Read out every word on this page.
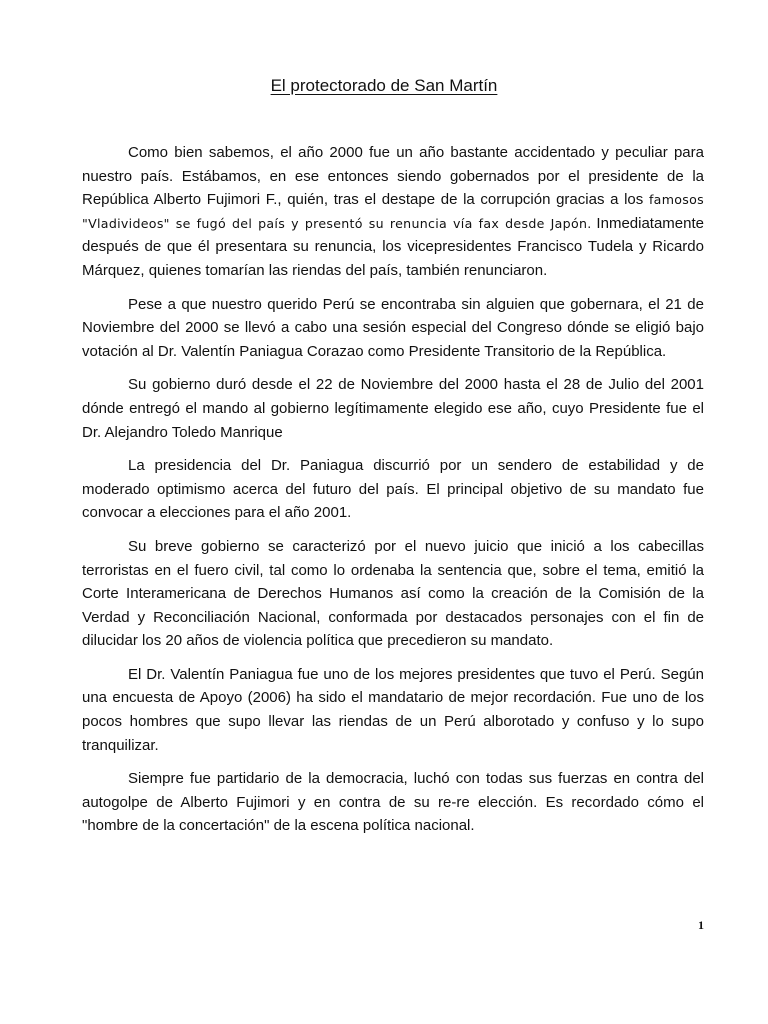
El protectorado de San Martín

Como bien sabemos, el año 2000 fue un año bastante accidentado y peculiar para nuestro país. Estábamos, en ese entonces siendo gobernados por el presidente de la República Alberto Fujimori F., quién, tras el destape de la corrupción gracias a los famosos "Vladivideos" se fugó del país y presentó su renuncia vía fax desde Japón. Inmediatamente después de que él presentara su renuncia, los vicepresidentes Francisco Tudela y Ricardo Márquez, quienes tomarían las riendas del país, también renunciaron.

Pese a que nuestro querido Perú se encontraba sin alguien que gobernara, el 21 de Noviembre del 2000 se llevó a cabo una sesión especial del Congreso dónde se eligió bajo votación al Dr. Valentín Paniagua Corazao como Presidente Transitorio de la República.

Su gobierno duró desde el 22 de Noviembre del 2000 hasta el 28 de Julio del 2001 dónde entregó el mando al gobierno legítimamente elegido ese año, cuyo Presidente fue el Dr. Alejandro Toledo Manrique

La presidencia del Dr. Paniagua discurrió por un sendero de estabilidad y de moderado optimismo acerca del futuro del país. El principal objetivo de su mandato fue convocar a elecciones para el año 2001.

Su breve gobierno se caracterizó por el nuevo juicio que inició a los cabecillas terroristas en el fuero civil, tal como lo ordenaba la sentencia que, sobre el tema, emitió la Corte Interamericana de Derechos Humanos así como la creación de la Comisión de la Verdad y Reconciliación Nacional, conformada por destacados personajes con el fin de dilucidar los 20 años de violencia política que precedieron su mandato.

El Dr. Valentín Paniagua fue uno de los mejores presidentes que tuvo el Perú. Según una encuesta de Apoyo (2006) ha sido el mandatario de mejor recordación. Fue uno de los pocos hombres que supo llevar las riendas de un Perú alborotado y confuso y lo supo tranquilizar.

Siempre fue partidario de la democracia, luchó con todas sus fuerzas en contra del autogolpe de Alberto Fujimori y en contra de su re-re elección. Es recordado cómo el "hombre de la concertación" de la escena política nacional.

1
